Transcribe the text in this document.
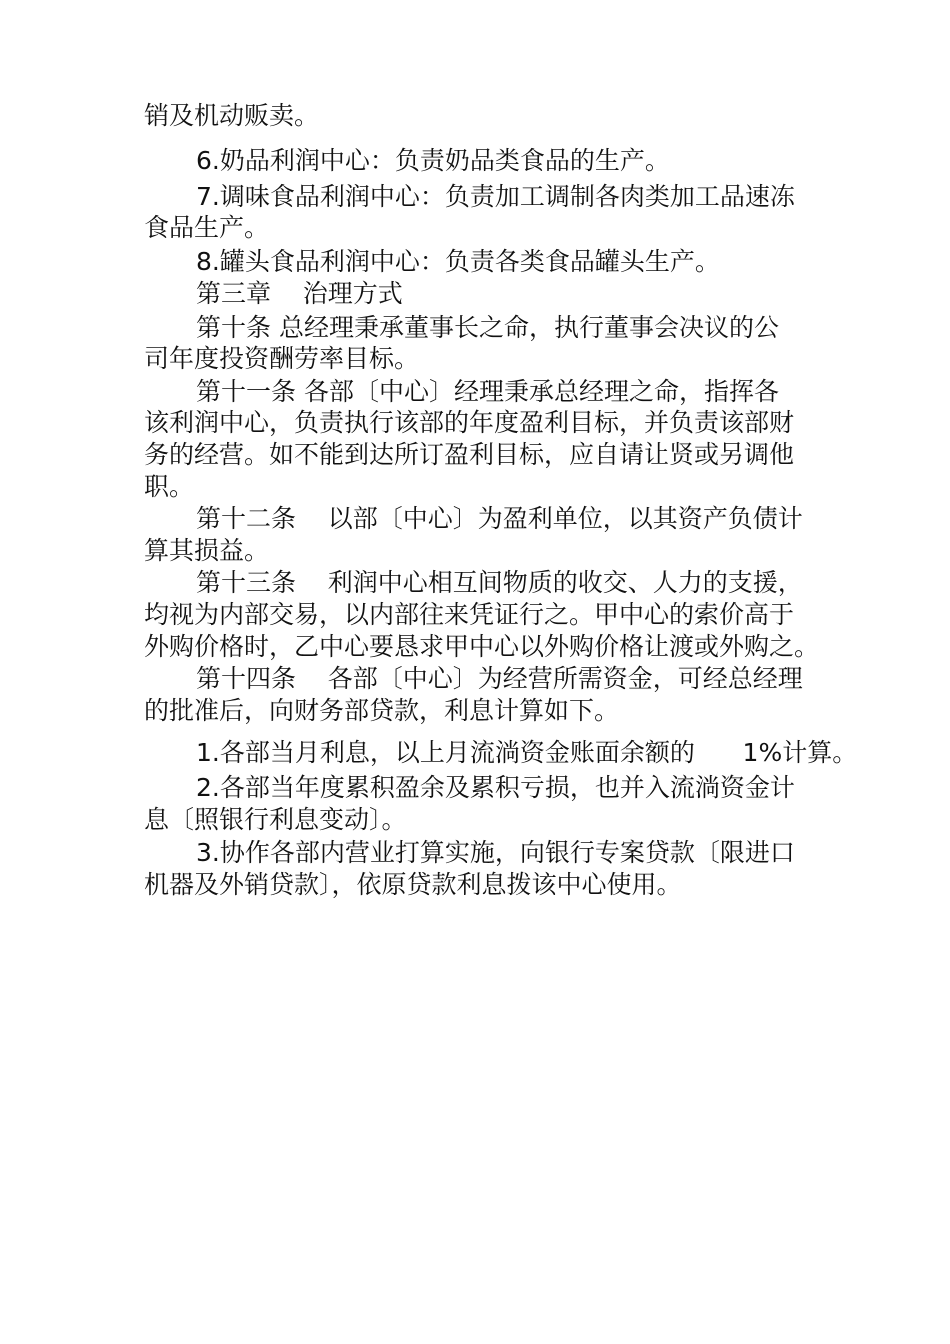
销及机动贩卖。
6.奶品利润中心：负责奶品类食品的生产。
7.调味食品利润中心：负责加工调制各肉类加工品速冻
食品生产。
8.罐头食品利润中心：负责各类食品罐头生产。
第三章    治理方式
第十条 总经理秉承董事长之命，执行董事会决议的公
司年度投资酬劳率目标。
第十一条 各部〔中心〕经理秉承总经理之命，指挥各
该利润中心，负责执行该部的年度盈利目标，并负责该部财
务的经营。如不能到达所订盈利目标，应自请让贤或另调他
职。
第十二条    以部〔中心〕为盈利单位，以其资产负债计
算其损益。
第十三条    利润中心相互间物质的收交、人力的支援，
均视为内部交易，以内部往来凭证行之。甲中心的索价高于
外购价格时，乙中心要恳求甲中心以外购价格让渡或外购之。
第十四条    各部〔中心〕为经营所需资金，可经总经理
的批准后，向财务部贷款，利息计算如下。
1.各部当月利息，以上月流淌资金账面余额的      1%计算。
2.各部当年度累积盈余及累积亏损，也并入流淌资金计
息〔照银行利息变动〕。
3.协作各部内营业打算实施，向银行专案贷款〔限进口
机器及外销贷款〕，依原贷款利息拨该中心使用。
